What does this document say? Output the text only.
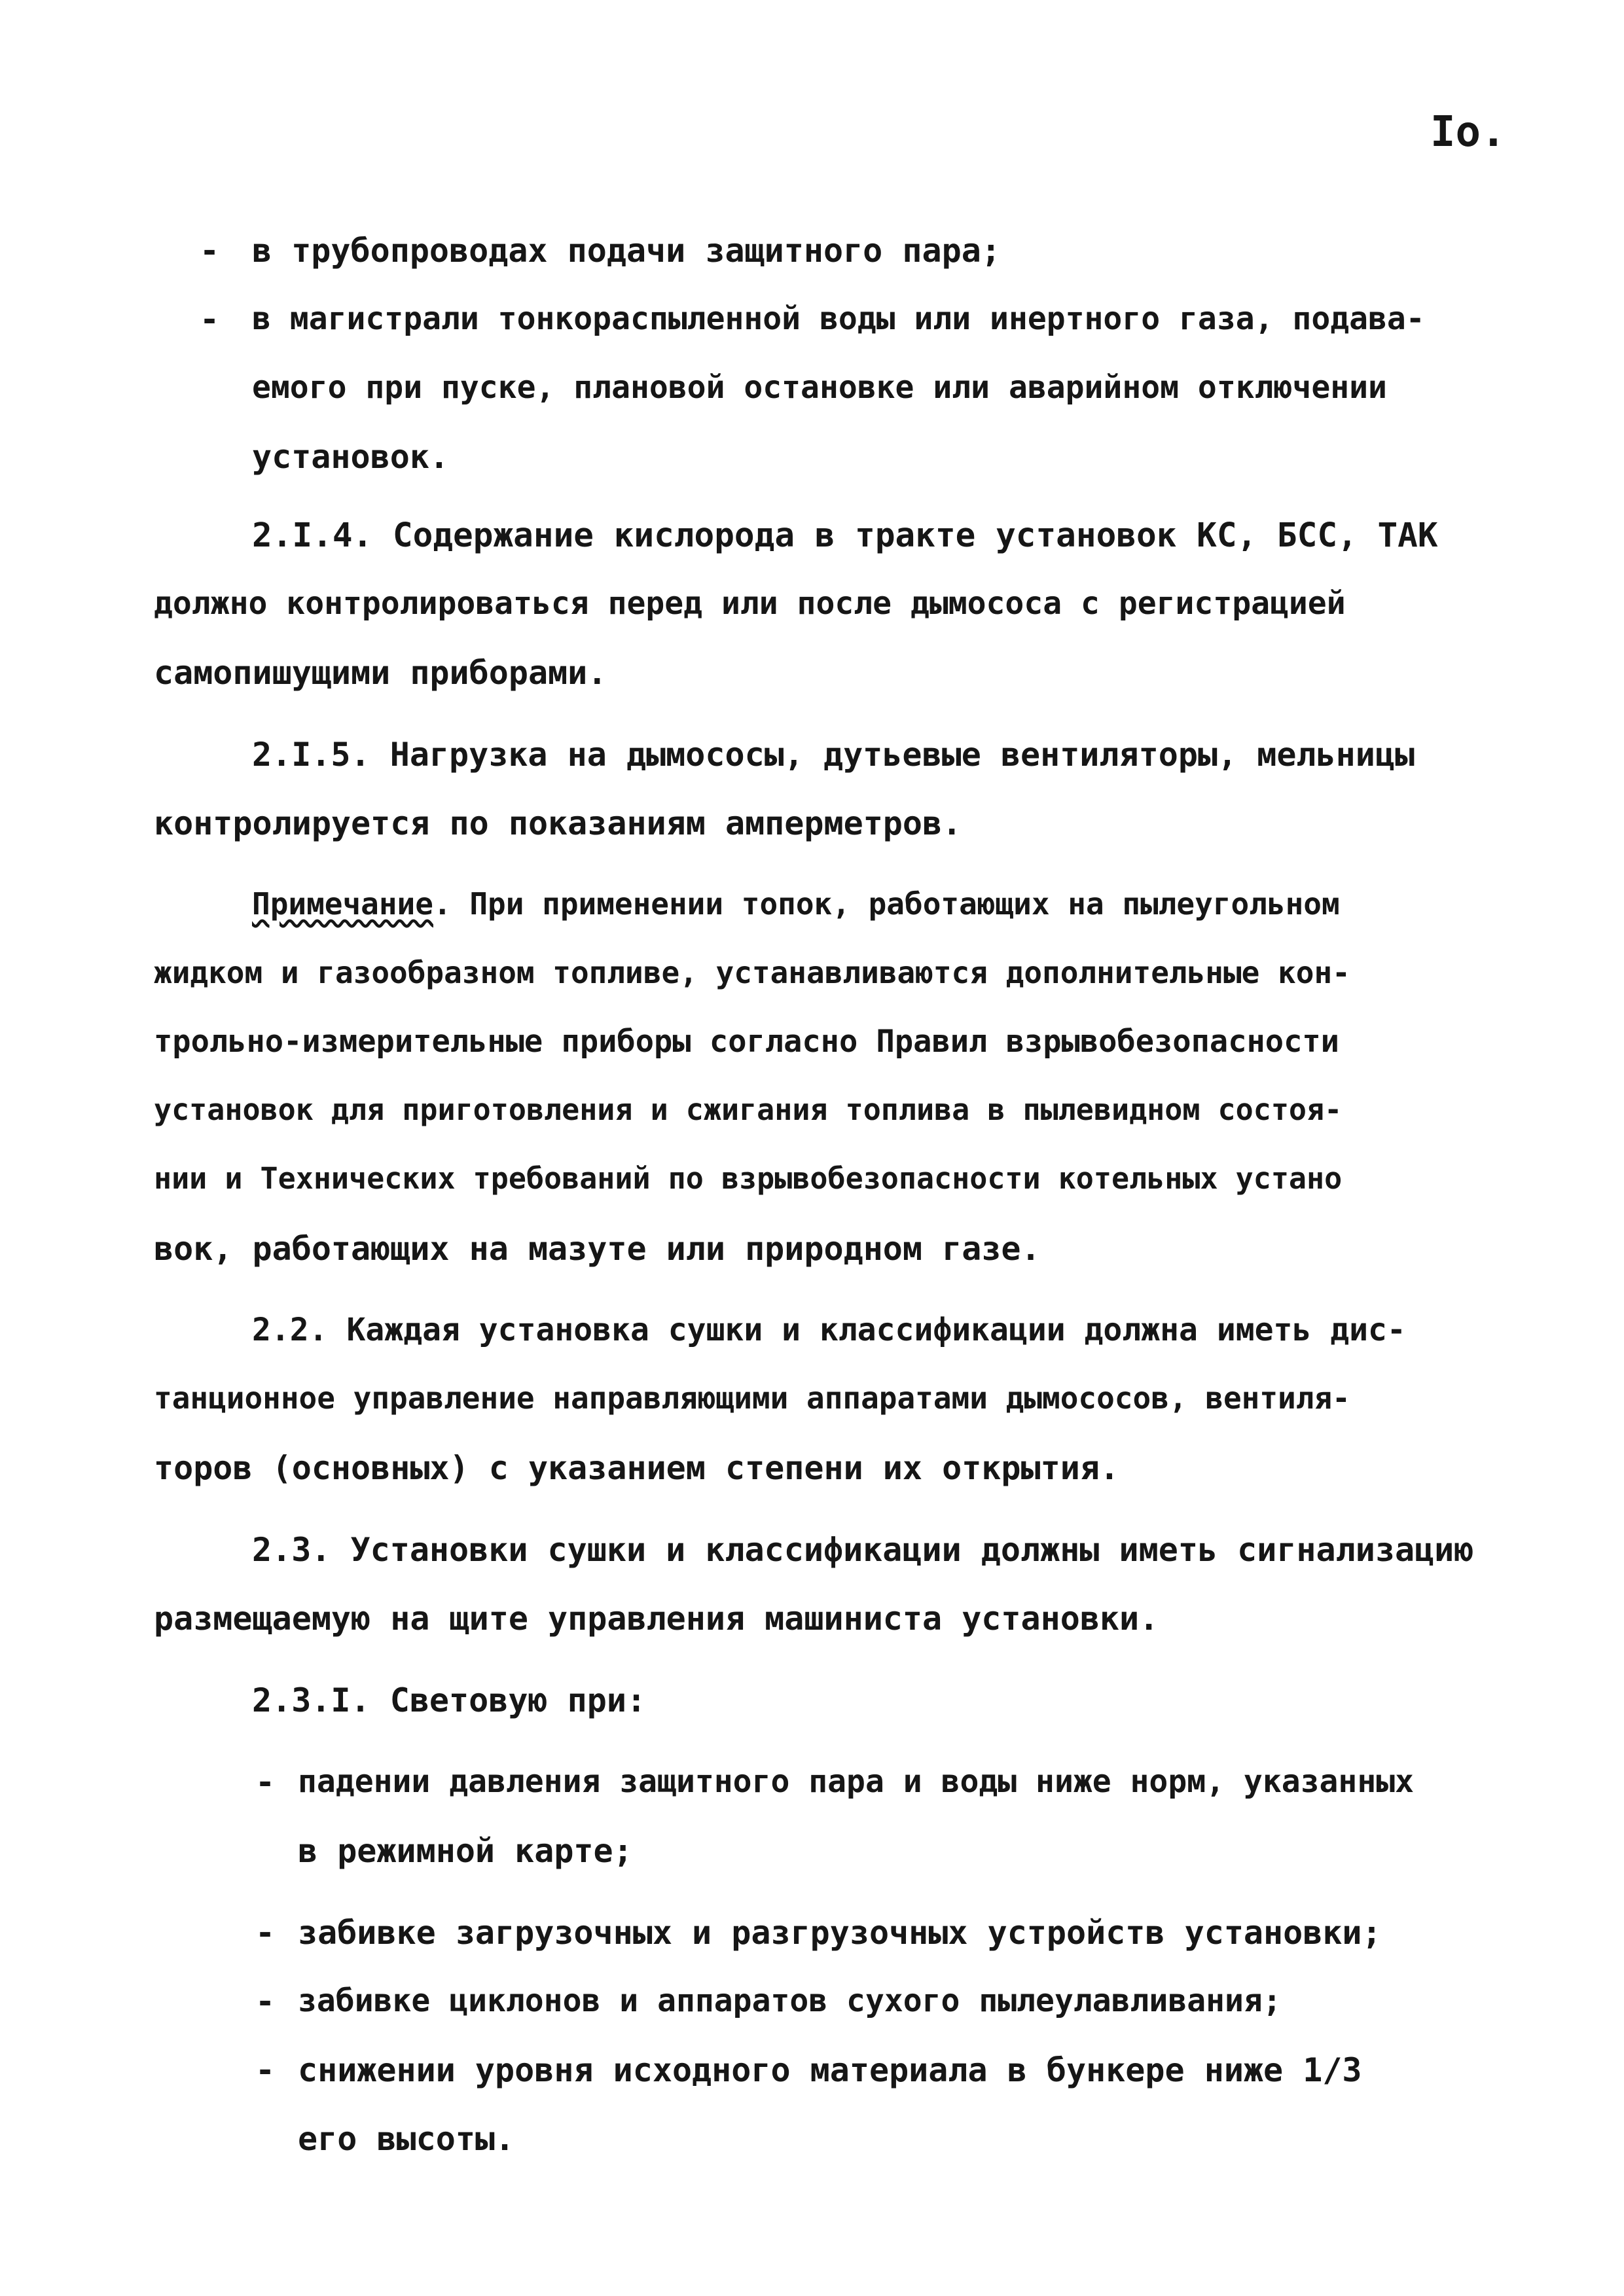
Io.
- в трубопроводах подачи защитного пара;
- в магистрали тонкораспыленной воды или инертного газа, подава-
емого при пуске, плановой остановке или аварийном отключении
установок.
2.I.4. Содержание кислорода в тракте установок КС, БСС, ТАК
должно контролироваться перед или после дымососа с регистрацией
самопишущими приборами.
2.I.5. Нагрузка на дымососы, дутьевые вентиляторы, мельницы
контролируется по показаниям амперметров.
Примечание. При применении топок, работающих на пылеугольном
жидком и газообразном топливе, устанавливаются дополнительные кон-
трольно-измерительные приборы согласно Правил взрывобезопасности
установок для приготовления и сжигания топлива в пылевидном состоя-
нии и Технических требований по взрывобезопасности котельных устано
вок, работающих на мазуте или природном газе.
2.2. Каждая установка сушки и классификации должна иметь дис-
танционное управление направляющими аппаратами дымососов, вентиля-
торов (основных) с указанием степени их открытия.
2.3. Установки сушки и классификации должны иметь сигнализацию
размещаемую на щите управления машиниста установки.
2.3.I. Световую при:
- падении давления защитного пара и воды ниже норм, указанных
в режимной карте;
- забивке загрузочных и разгрузочных устройств установки;
- забивке циклонов и аппаратов сухого пылеулавливания;
- снижении уровня исходного материала в бункере ниже 1/3
его высоты.
